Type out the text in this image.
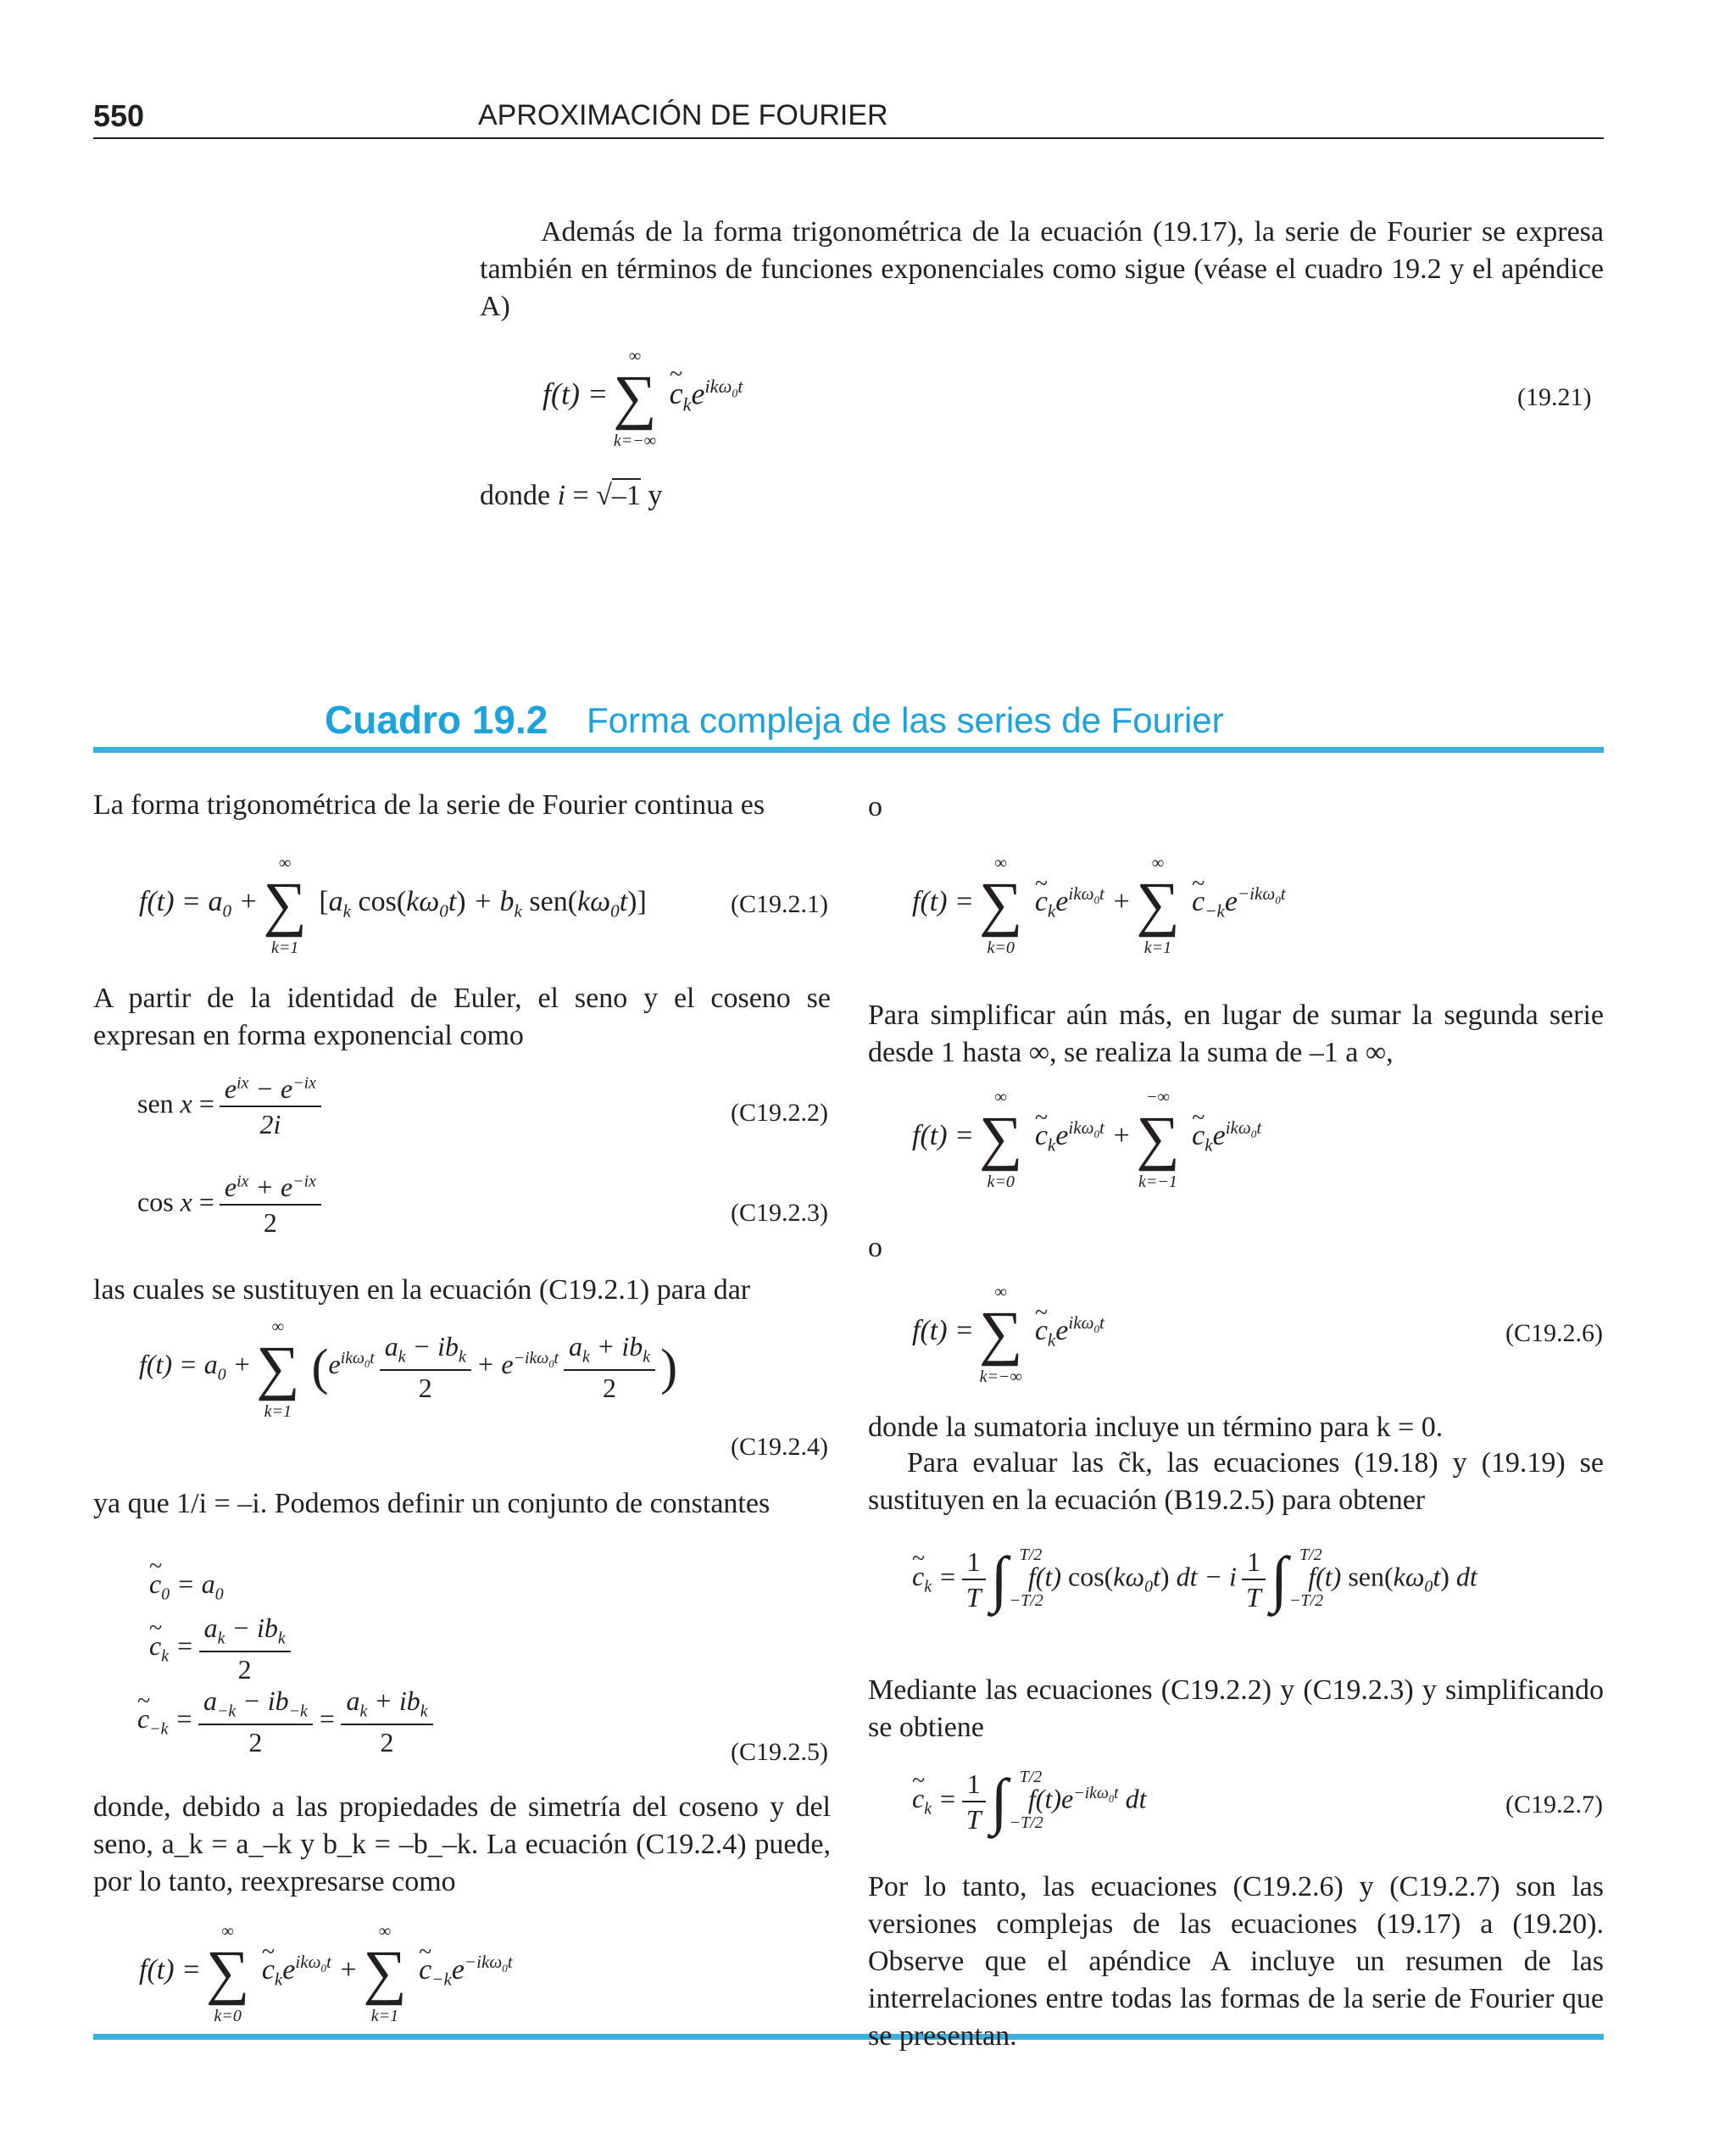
550	APROXIMACIÓN DE FOURIER

Además de la forma trigonométrica de la ecuación (19.17), la serie de Fourier se expresa también en términos de funciones exponenciales como sigue (véase el cuadro 19.2 y el apéndice A)

f(t) =
∞
∑
k=−∞
~ $c_ke^{ik\omega_0t}$	(19.21)
donde i = √–1 y
Cuadro 19.2 Forma compleja de las series de Fourier

La forma trigonométrica de la serie de Fourier continua es

$f(t) = a_0$ +
∞
∑
k=1
[$a_k$ $\cos(k\omega_0t) + b_k$ $sen(k\omega_0t)$]	(C19.2.1)

A partir de la identidad de Euler, el seno y el coseno se expresan en forma exponencial como

sen $x = \frac{e^{ix} - e^{-ix}}{2i}$	(C19.2.2)
$\cos x = \frac{e^{ix} + e^{-ix}}{2}$	(C19.2.3)

las cuales se sustituyen en la ecuación (C19.2.1) para dar

$f(t) = a_0$ +
∞
∑
k=1
($e^{ik\omega_0t} \frac{a_k - ib_k}{2} + e^{-ik\omega_0t} \frac{a_k + ib_k}{2}$ )
(C19.2.4)

ya que 1/i = –i. Podemos definir un conjunto de constantes

~ $c_0 = a_0$
~ $c_k = \frac{a_k - ib_k}{2}$
~ $c_{-k} = \frac{a_{-k} - ib_{-k}}{2} = \frac{a_k + ib_k}{2}$	(C19.2.5)

donde, debido a las propiedades de simetría del coseno y del seno, a_k = a_–k y b_k = –b_–k. La ecuación (C19.2.4) puede, por lo tanto, reexpresarse como

f(t) =
∞
∑
k=0
~ $c_ke^{ik\omega_0t}$ +
∞
∑
k=1
~ $c_{-k}e^{-ik\omega_0t}$
o
f(t) =
∞
∑
k=0
~ $c_ke^{ik\omega_0t}$ +
∞
∑
k=1
~ $c_{-k}e^{-ik\omega_0t}$

Para simplificar aún más, en lugar de sumar la segunda serie desde 1 hasta ∞, se realiza la suma de –1 a ∞,

f(t) =
∞
∑
k=0
~ $c_ke^{ik\omega_0t}$ +
−∞
∑
k=−1
~ $c_ke^{ik\omega_0t}$
o
f(t) =
∞
∑
k=−∞
~ $c_ke^{ik\omega_0t}$	(C19.2.6)

donde la sumatoria incluye un término para k = 0.

Para evaluar las c̃k, las ecuaciones (19.18) y (19.19) se sustituyen en la ecuación (B19.2.5) para obtener

~ $c_k = \frac{1}{T}$ ∫ T/2
−T/2
f(t) $\cos(k\omega_0t)$ dt − i $\frac{1}{T}$ ∫ T/2
−T/2
f(t) $sen(k\omega_0t)$ dt

Mediante las ecuaciones (C19.2.2) y (C19.2.3) y simplificando se obtiene

~ $c_k = \frac{1}{T}$ ∫ T/2
−T/2
$f(t)e^{-ik\omega_0t}$ dt	(C19.2.7)

Por lo tanto, las ecuaciones (C19.2.6) y (C19.2.7) son las versiones complejas de las ecuaciones (19.17) a (19.20). Observe que el apéndice A incluye un resumen de las interrelaciones entre todas las formas de la serie de Fourier que se presentan.
